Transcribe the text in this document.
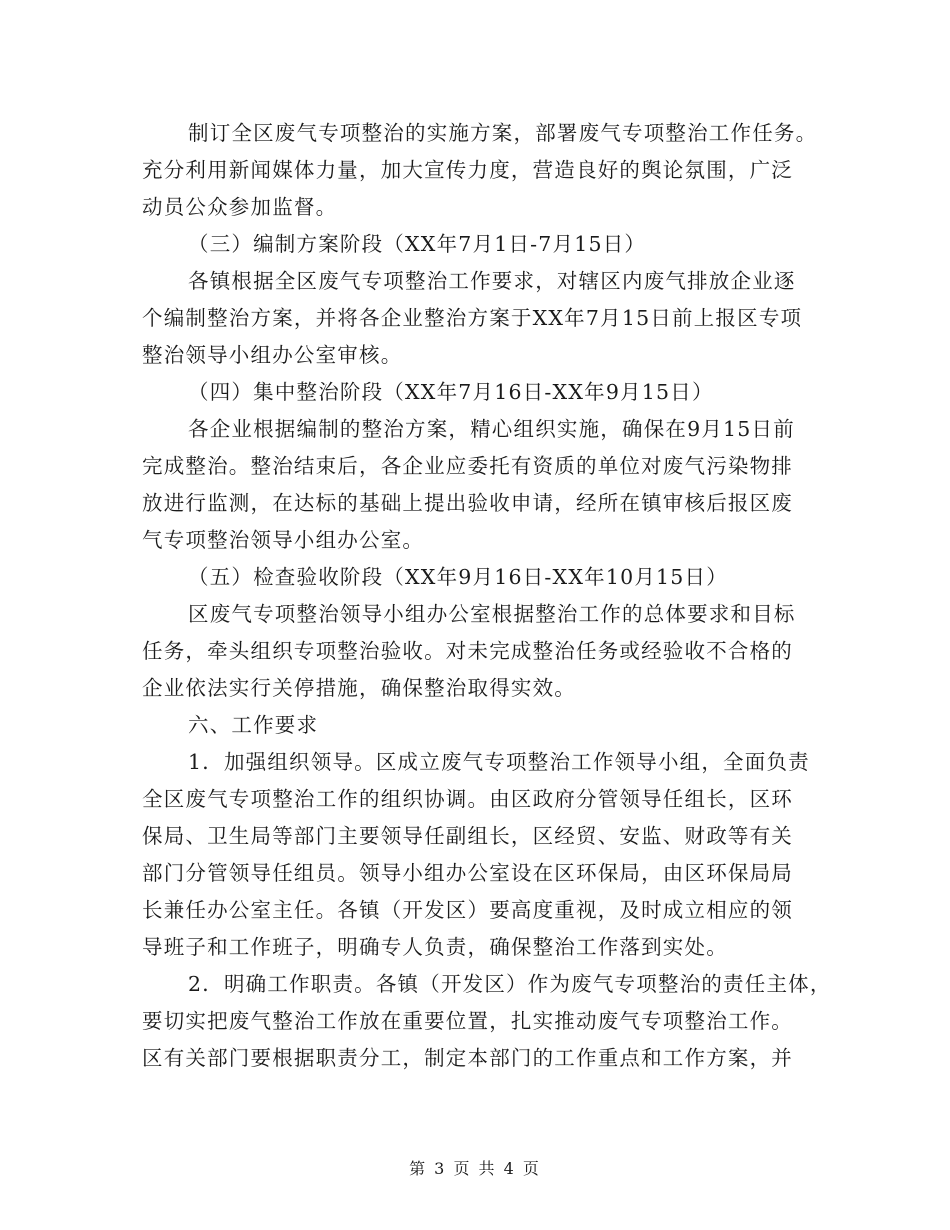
制订全区废气专项整治的实施方案，部署废气专项整治工作任务。
充分利用新闻媒体力量，加大宣传力度，营造良好的舆论氛围，广泛
动员公众参加监督。
（三）编制方案阶段（XX年7月1日-7月15日）
各镇根据全区废气专项整治工作要求，对辖区内废气排放企业逐
个编制整治方案，并将各企业整治方案于XX年7月15日前上报区专项
整治领导小组办公室审核。
（四）集中整治阶段（XX年7月16日-XX年9月15日）
各企业根据编制的整治方案，精心组织实施，确保在9月15日前
完成整治。整治结束后，各企业应委托有资质的单位对废气污染物排
放进行监测，在达标的基础上提出验收申请，经所在镇审核后报区废
气专项整治领导小组办公室。
（五）检查验收阶段（XX年9月16日-XX年10月15日）
区废气专项整治领导小组办公室根据整治工作的总体要求和目标
任务，牵头组织专项整治验收。对未完成整治任务或经验收不合格的
企业依法实行关停措施，确保整治取得实效。
六、工作要求
1．加强组织领导。区成立废气专项整治工作领导小组，全面负责
全区废气专项整治工作的组织协调。由区政府分管领导任组长，区环
保局、卫生局等部门主要领导任副组长，区经贸、安监、财政等有关
部门分管领导任组员。领导小组办公室设在区环保局，由区环保局局
长兼任办公室主任。各镇（开发区）要高度重视，及时成立相应的领
导班子和工作班子，明确专人负责，确保整治工作落到实处。
2．明确工作职责。各镇（开发区）作为废气专项整治的责任主体，
要切实把废气整治工作放在重要位置，扎实推动废气专项整治工作。
区有关部门要根据职责分工，制定本部门的工作重点和工作方案，并
第 3 页 共 4 页
